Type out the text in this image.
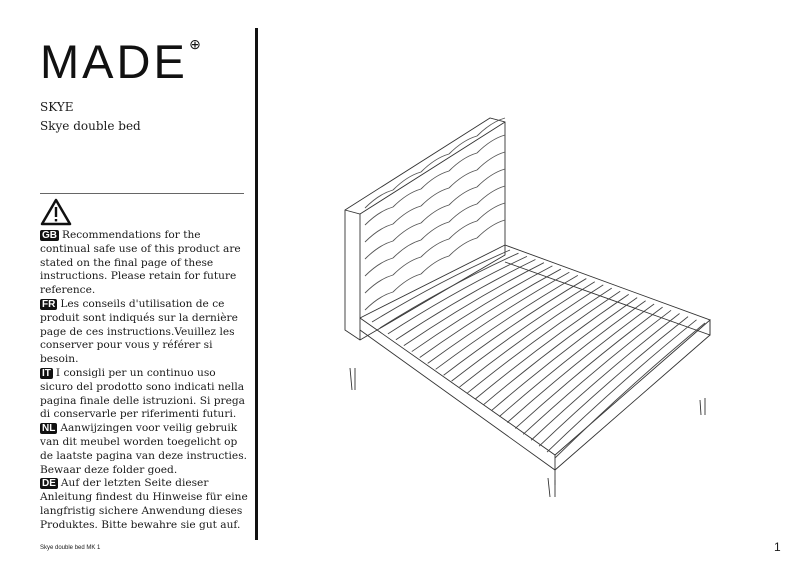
MADE ⊕
SKYE
Skye double bed
GB Recommendations for the continual safe use of this product are stated on the final page of these instructions. Please retain for future reference.
FR Les conseils d'utilisation de ce produit sont indiqués sur la dernière page de ces instructions.Veuillez les conserver pour vous y référer si besoin.
IT I consigli per un continuo uso sicuro del prodotto sono indicati nella pagina finale delle istruzioni. Si prega di conservarle per riferimenti futuri.
NL Aanwijzingen voor veilig gebruik van dit meubel worden toegelicht op de laatste pagina van deze instructies. Bewaar deze folder goed.
DE Auf der letzten Seite dieser Anleitung findest du Hinweise für eine langfristig sichere Anwendung dieses Produktes. Bitte bewahre sie gut auf.
Skye double bed MK 1	1
